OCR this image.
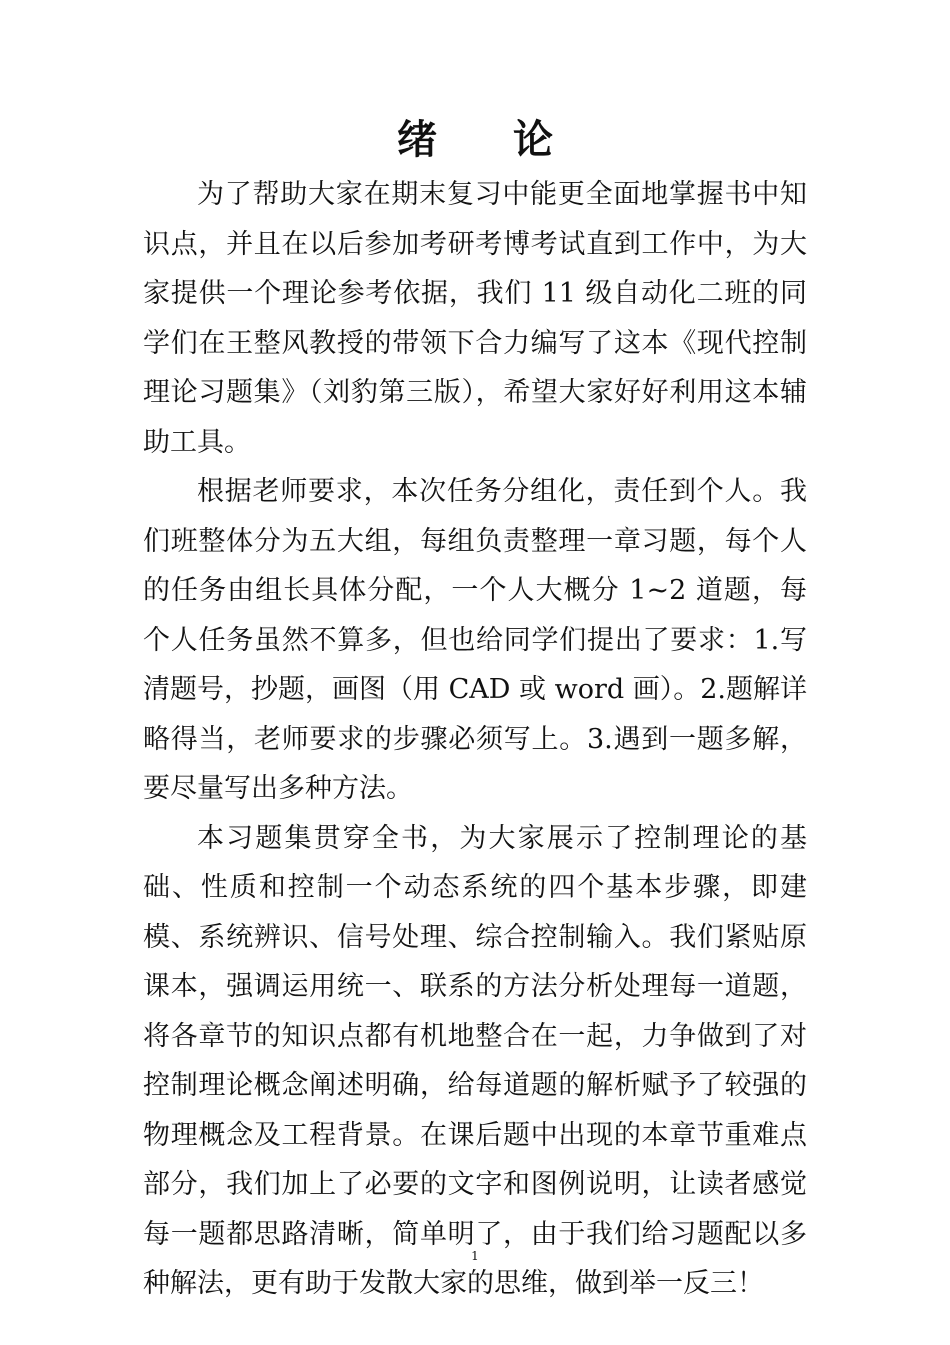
绪论

为了帮助大家在期末复习中能更全面地掌握书中知识点，并且在以后参加考研考博考试直到工作中，为大家提供一个理论参考依据，我们 11 级自动化二班的同学们在王整风教授的带领下合力编写了这本《现代控制理论习题集》（刘豹第三版），希望大家好好利用这本辅助工具。

根据老师要求，本次任务分组化，责任到个人。我们班整体分为五大组，每组负责整理一章习题，每个人的任务由组长具体分配，一个人大概分 1~2 道题，每个人任务虽然不算多，但也给同学们提出了要求：1.写清题号，抄题，画图（用 CAD 或 word 画）。2.题解详略得当，老师要求的步骤必须写上。3.遇到一题多解，要尽量写出多种方法。

本习题集贯穿全书，为大家展示了控制理论的基础、性质和控制一个动态系统的四个基本步骤，即建模、系统辨识、信号处理、综合控制输入。我们紧贴原课本，强调运用统一、联系的方法分析处理每一道题，将各章节的知识点都有机地整合在一起，力争做到了对控制理论概念阐述明确，给每道题的解析赋予了较强的物理概念及工程背景。在课后题中出现的本章节重难点部分，我们加上了必要的文字和图例说明，让读者感觉每一题都思路清晰，简单明了，由于我们给习题配以多种解法，更有助于发散大家的思维，做到举一反三！

1
